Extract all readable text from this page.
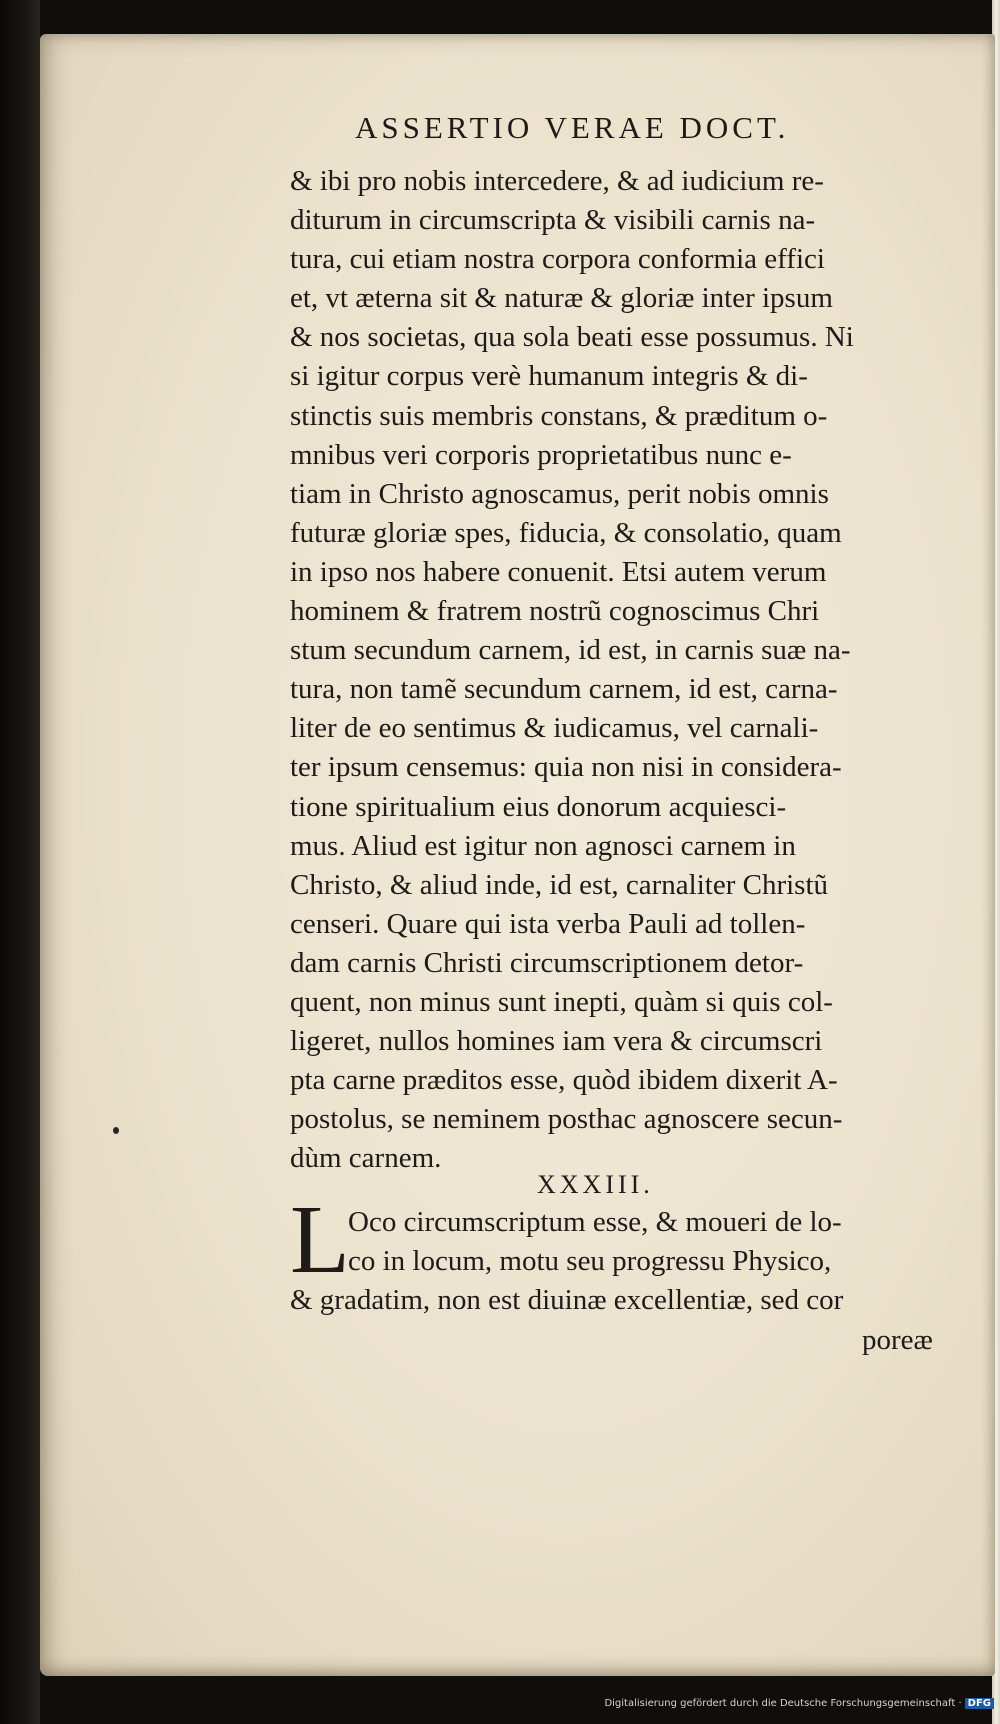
ASSERTIO VERAE DOCT.
& ibi pro nobis intercedere, & ad iudicium re-
diturum in circumscripta & visibili carnis na-
tura, cui etiam nostra corpora conformia effici
et, vt æterna sit & naturæ & gloriæ inter ipsum
& nos societas, qua sola beati esse possumus. Ni
si igitur corpus verè humanum integris & di-
stinctis suis membris constans, & præditum o-
mnibus veri corporis proprietatibus nunc e-
tiam in Christo agnoscamus, perit nobis omnis
futuræ gloriæ spes, fiducia, & consolatio, quam
in ipso nos habere conuenit. Etsi autem verum
hominem & fratrem nostrũ cognoscimus Chri
stum secundum carnem, id est, in carnis suæ na-
tura, non tamẽ secundum carnem, id est, carna-
liter de eo sentimus & iudicamus, vel carnali-
ter ipsum censemus: quia non nisi in considera-
tione spiritualium eius donorum acquiesci-
mus. Aliud est igitur non agnosci carnem in
Christo, & aliud inde, id est, carnaliter Christũ
censeri. Quare qui ista verba Pauli ad tollen-
dam carnis Christi circumscriptionem detor-
quent, non minus sunt inepti, quàm si quis col-
ligeret, nullos homines iam vera & circumscri
pta carne præditos esse, quòd ibidem dixerit A-
postolus, se neminem posthac agnoscere secun-
dùm carnem.
XXXIII.
L
Oco circumscriptum esse, & moueri de lo-
co in locum, motu seu progressu Physico,
& gradatim, non est diuinæ excellentiæ, sed cor
poreæ
Digitalisierung gefördert durch die Deutsche Forschungsgemeinschaft · DFG
